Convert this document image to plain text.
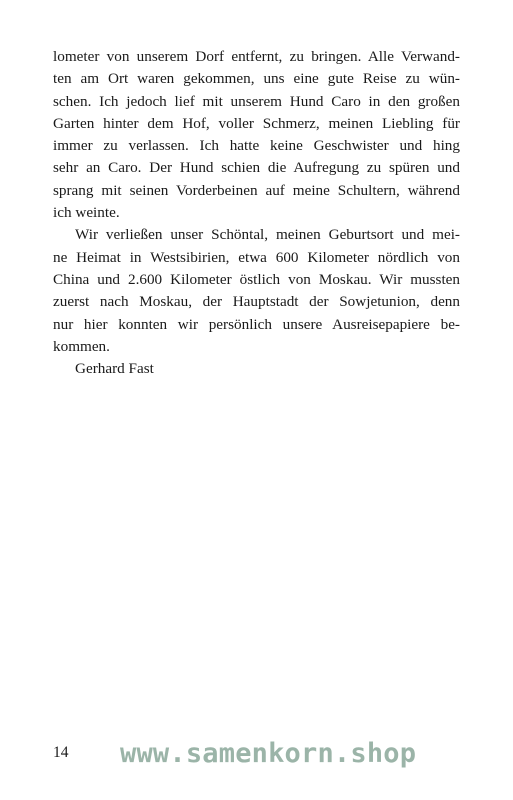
lometer von unserem Dorf entfernt, zu bringen. Alle Verwand-
ten am Ort waren gekommen, uns eine gute Reise zu wün-
schen. Ich jedoch lief mit unserem Hund Caro in den großen
Garten hinter dem Hof, voller Schmerz, meinen Liebling für
immer zu verlassen. Ich hatte keine Geschwister und hing
sehr an Caro. Der Hund schien die Aufregung zu spüren und
sprang mit seinen Vorderbeinen auf meine Schultern, während
ich weinte.
Wir verließen unser Schöntal, meinen Geburtsort und mei-
ne Heimat in Westsibirien, etwa 600 Kilometer nördlich von
China und 2.600 Kilometer östlich von Moskau. Wir mussten
zuerst nach Moskau, der Hauptstadt der Sowjetunion, denn
nur hier konnten wir persönlich unsere Ausreisepapiere be-
kommen.
Gerhard Fast
14 www.samenkorn.shop
